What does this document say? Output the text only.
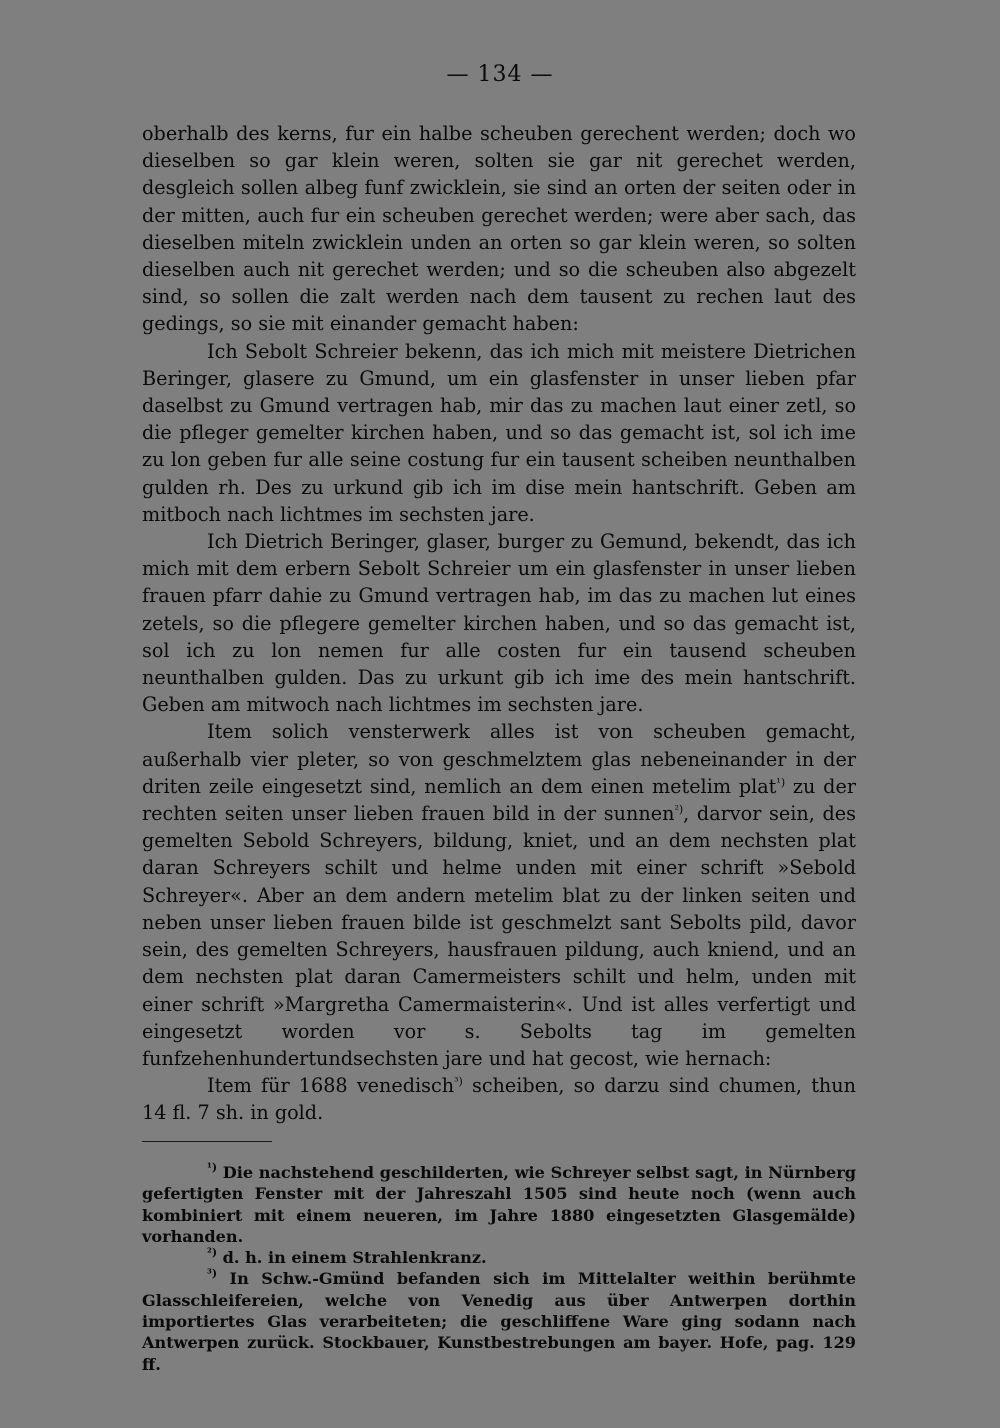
— 134 —

oberhalb des kerns, fur ein halbe scheuben gerechent werden; doch wo dieselben so gar klein weren, solten sie gar nit gerechet werden, desgleich sollen albeg funf zwicklein, sie sind an orten der seiten oder in der mitten, auch fur ein scheuben gerechet werden; were aber sach, das dieselben miteln zwicklein unden an orten so gar klein weren, so solten dieselben auch nit gerechet werden; und so die scheuben also abgezelt sind, so sollen die zalt werden nach dem tausent zu rechen laut des gedings, so sie mit einander gemacht haben:

Ich Sebolt Schreier bekenn, das ich mich mit meistere Dietrichen Beringer, glasere zu Gmund, um ein glasfenster in unser lieben pfar daselbst zu Gmund vertragen hab, mir das zu machen laut einer zetl, so die pfleger gemelter kirchen haben, und so das gemacht ist, sol ich ime zu lon geben fur alle seine costung fur ein tausent scheiben neunthalben gulden rh. Des zu urkund gib ich im dise mein hantschrift. Geben am mitboch nach lichtmes im sechsten jare.

Ich Dietrich Beringer, glaser, burger zu Gemund, bekendt, das ich mich mit dem erbern Sebolt Schreier um ein glasfenster in unser lieben frauen pfarr dahie zu Gmund vertragen hab, im das zu machen lut eines zetels, so die pflegere gemelter kirchen haben, und so das gemacht ist, sol ich zu lon nemen fur alle costen fur ein tausend scheuben neunthalben gulden. Das zu urkunt gib ich ime des mein hantschrift. Geben am mitwoch nach lichtmes im sechsten jare.

Item solich vensterwerk alles ist von scheuben gemacht, außerhalb vier pleter, so von geschmelztem glas nebeneinander in der driten zeile eingesetzt sind, nemlich an dem einen metelim plat$^{^1)}$ zu der rechten seiten unser lieben frauen bild in der sunnen$^{^2)}$, darvor sein, des gemelten Sebold Schreyers, bildung, kniet, und an dem nechsten plat daran Schreyers schilt und helme unden mit einer schrift »Sebold Schreyer«. Aber an dem andern metelim blat zu der linken seiten und neben unser lieben frauen bilde ist geschmelzt sant Sebolts pild, davor sein, des gemelten Schreyers, hausfrauen pildung, auch kniend, und an dem nechsten plat daran Camermeisters schilt und helm, unden mit einer schrift »Margretha Camermaisterin«. Und ist alles verfertigt und eingesetzt worden vor s. Sebolts tag im gemelten funfzehenhundertundsechsten jare und hat gecost, wie hernach:

Item für 1688 venedisch$^{^3)}$ scheiben, so darzu sind chumen, thun 14 fl. 7 sh. in gold.

$^{^1)}$ Die nachstehend geschilderten, wie Schreyer selbst sagt, in Nürnberg gefertigten Fenster mit der Jahreszahl 1505 sind heute noch (wenn auch kombiniert mit einem neueren, im Jahre 1880 eingesetzten Glasgemälde) vorhanden.

$^{^2)}$ d. h. in einem Strahlenkranz.

$^{^3)}$ In Schw.-Gmünd befanden sich im Mittelalter weithin berühmte Glasschleifereien, welche von Venedig aus über Antwerpen dorthin importiertes Glas verarbeiteten; die geschliffene Ware ging sodann nach Antwerpen zurück. Stockbauer, Kunstbestrebungen am bayer. Hofe, pag. 129 ff.
